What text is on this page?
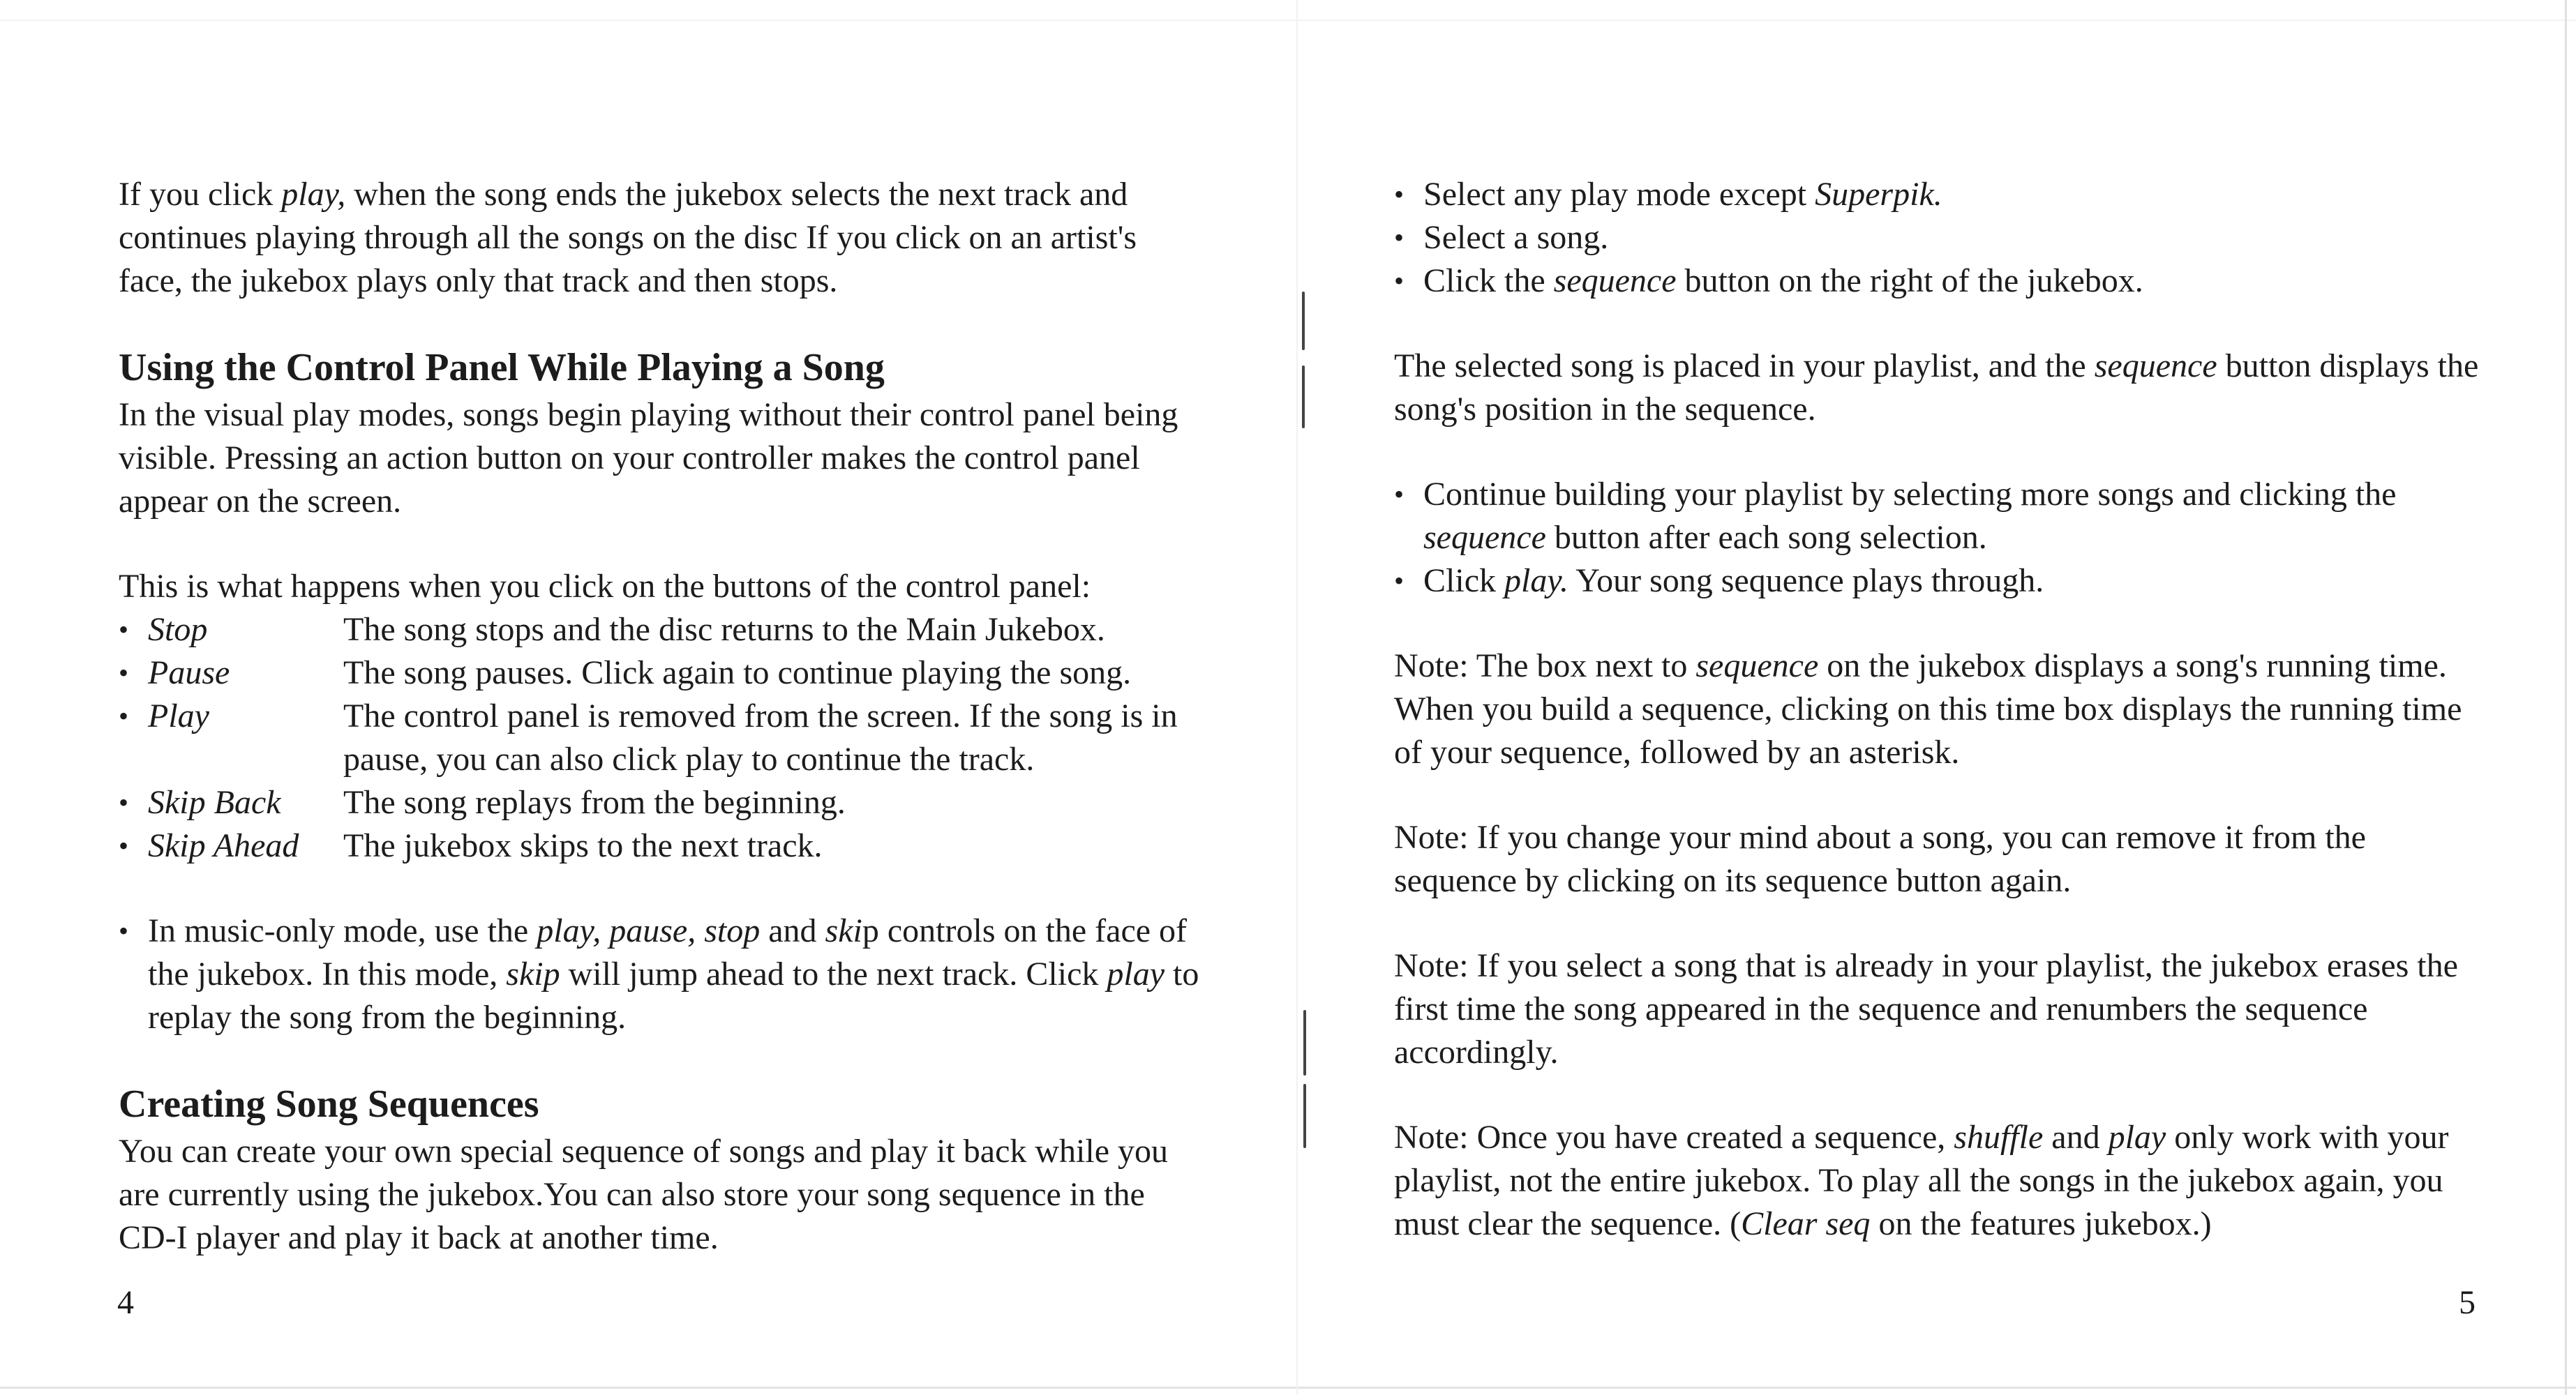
If you click play, when the song ends the jukebox selects the next track and continues playing through all the songs on the disc If you click on an artist's face, the jukebox plays only that track and then stops.

Using the Control Panel While Playing a Song

In the visual play modes, songs begin playing without their control panel being visible. Pressing an action button on your controller makes the control panel appear on the screen.

This is what happens when you click on the buttons of the control panel:

• Stop	The song stops and the disc returns to the Main Jukebox.
• Pause	The song pauses. Click again to continue playing the song.
• Play	The control panel is removed from the screen. If the song is in pause, you can also click play to continue the track.
• Skip Back	The song replays from the beginning.
• Skip Ahead	The jukebox skips to the next track.
• In music-only mode, use the play, pause, stop and skip controls on the face of the jukebox. In this mode, skip will jump ahead to the next track. Click play to replay the song from the beginning.
Creating Song Sequences

You can create your own special sequence of songs and play it back while you are currently using the jukebox.You can also store your song sequence in the CD-I player and play it back at another time.

4
• Select any play mode except Superpik.
• Select a song.
• Click the sequence button on the right of the jukebox.

The selected song is placed in your playlist, and the sequence button displays the song's position in the sequence.

• Continue building your playlist by selecting more songs and clicking the sequence button after each song selection.
• Click play. Your song sequence plays through.

Note: The box next to sequence on the jukebox displays a song's running time. When you build a sequence, clicking on this time box displays the running time of your sequence, followed by an asterisk.

Note: If you change your mind about a song, you can remove it from the sequence by clicking on its sequence button again.

Note: If you select a song that is already in your playlist, the jukebox erases the first time the song appeared in the sequence and renumbers the sequence accordingly.

Note: Once you have created a sequence, shuffle and play only work with your playlist, not the entire jukebox. To play all the songs in the jukebox again, you must clear the sequence. (Clear seq on the features jukebox.)

5
